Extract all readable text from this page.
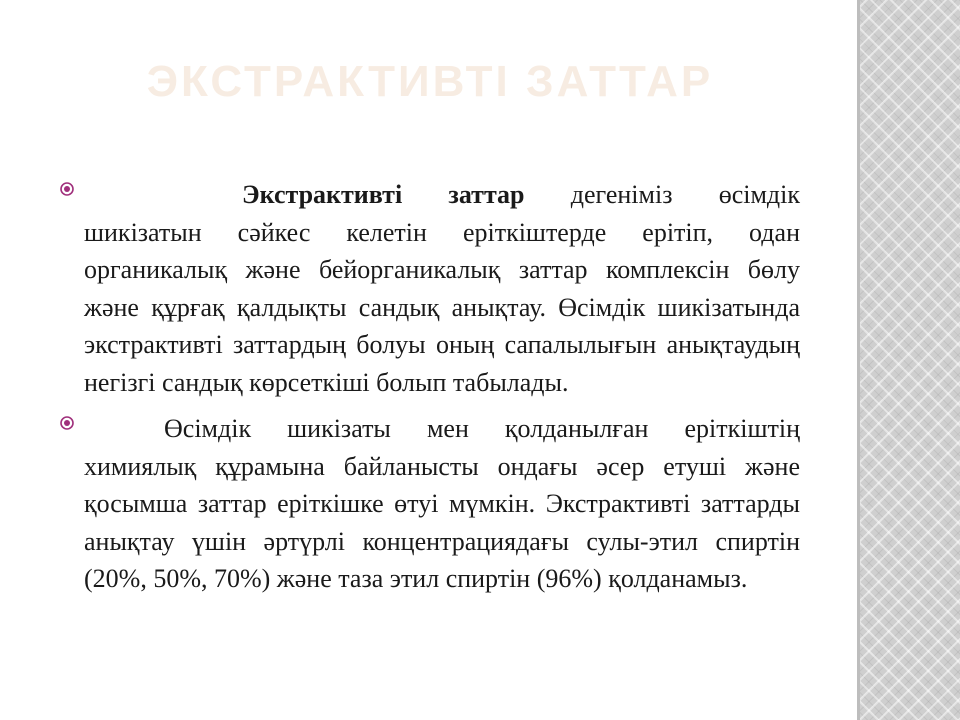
ЭКСТРАКТИВТІ ЗАТТАР

Экстрактивті заттар дегеніміз өсімдік шикізатын сәйкес келетін еріткіштерде ерітіп, одан органикалық және бейорганикалық заттар комплексін бөлу және құрғақ қалдықты сандық анықтау. Өсімдік шикізатында экстрактивті заттардың болуы оның сапалылығын анықтаудың негізгі сандық көрсеткіші болып табылады.

Өсімдік шикізаты мен қолданылған еріткіштің химиялық құрамына байланысты ондағы әсер етуші және қосымша заттар еріткішке өтуі мүмкін. Экстрактивті заттарды анықтау үшін әртүрлі концентрациядағы сулы-этил спиртін (20%, 50%, 70%) және таза этил спиртін (96%) қолданамыз.
